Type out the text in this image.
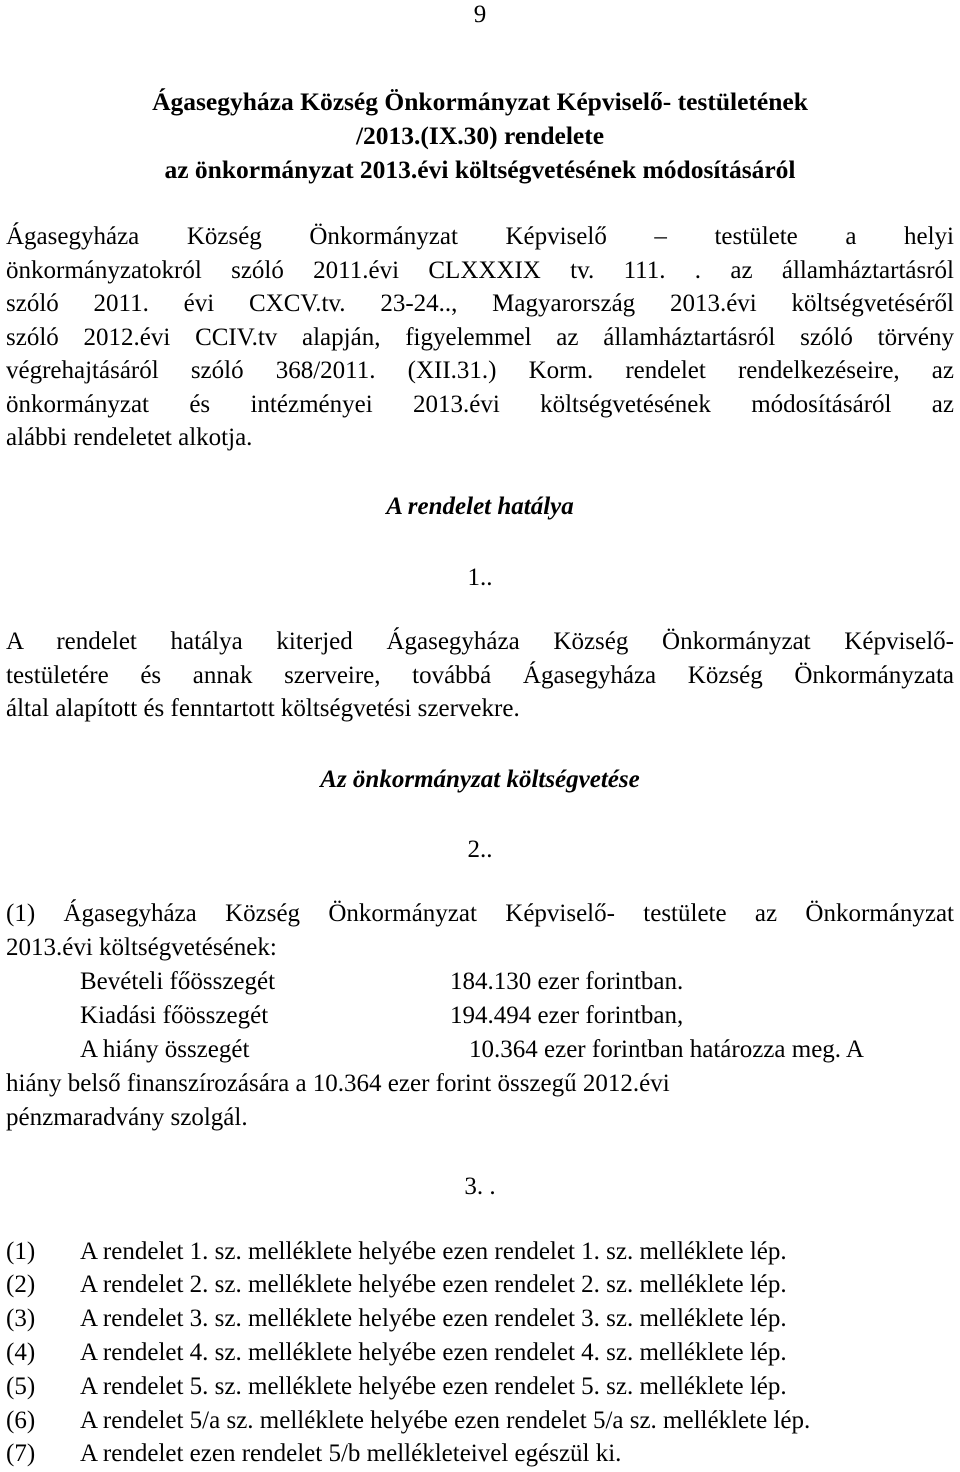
9
Ágasegyháza Község Önkormányzat Képviselő- testületének
/2013.(IX.30) rendelete
az önkormányzat 2013.évi költségvetésének módosításáról
Ágasegyháza Község Önkormányzat Képviselő – testülete a helyi
önkormányzatokról szóló 2011.évi CLXXXIX tv. 111. . az államháztartásról
szóló 2011. évi CXCV.tv. 23-24.., Magyarország 2013.évi költségvetéséről
szóló 2012.évi CCIV.tv alapján, figyelemmel az államháztartásról szóló törvény
végrehajtásáról szóló 368/2011. (XII.31.) Korm. rendelet rendelkezéseire, az
önkormányzat és intézményei 2013.évi költségvetésének módosításáról az
alábbi rendeletet alkotja.
A rendelet hatálya
1..
A rendelet hatálya kiterjed Ágasegyháza Község Önkormányzat Képviselő-
testületére és annak szerveire, továbbá Ágasegyháza Község Önkormányzata
által alapított és fenntartott költségvetési szervekre.
Az önkormányzat költségvetése
2..
(1) Ágasegyháza Község Önkormányzat Képviselő- testülete az Önkormányzat
2013.évi költségvetésének:
Bevételi főösszegét	184.130 ezer forintban.
Kiadási főösszegét	194.494 ezer forintban,
A hiány összegét	10.364 ezer forintban határozza meg. A
hiány belső finanszírozására a 10.364 ezer forint összegű 2012.évi
pénzmaradvány szolgál.
3. .
(1) A rendelet 1. sz. melléklete helyébe ezen rendelet 1. sz. melléklete lép.
(2) A rendelet 2. sz. melléklete helyébe ezen rendelet 2. sz. melléklete lép.
(3) A rendelet 3. sz. melléklete helyébe ezen rendelet 3. sz. melléklete lép.
(4) A rendelet 4. sz. melléklete helyébe ezen rendelet 4. sz. melléklete lép.
(5) A rendelet 5. sz. melléklete helyébe ezen rendelet 5. sz. melléklete lép.
(6) A rendelet 5/a sz. melléklete helyébe ezen rendelet 5/a sz. melléklete lép.
(7) A rendelet ezen rendelet 5/b mellékleteivel egészül ki.
